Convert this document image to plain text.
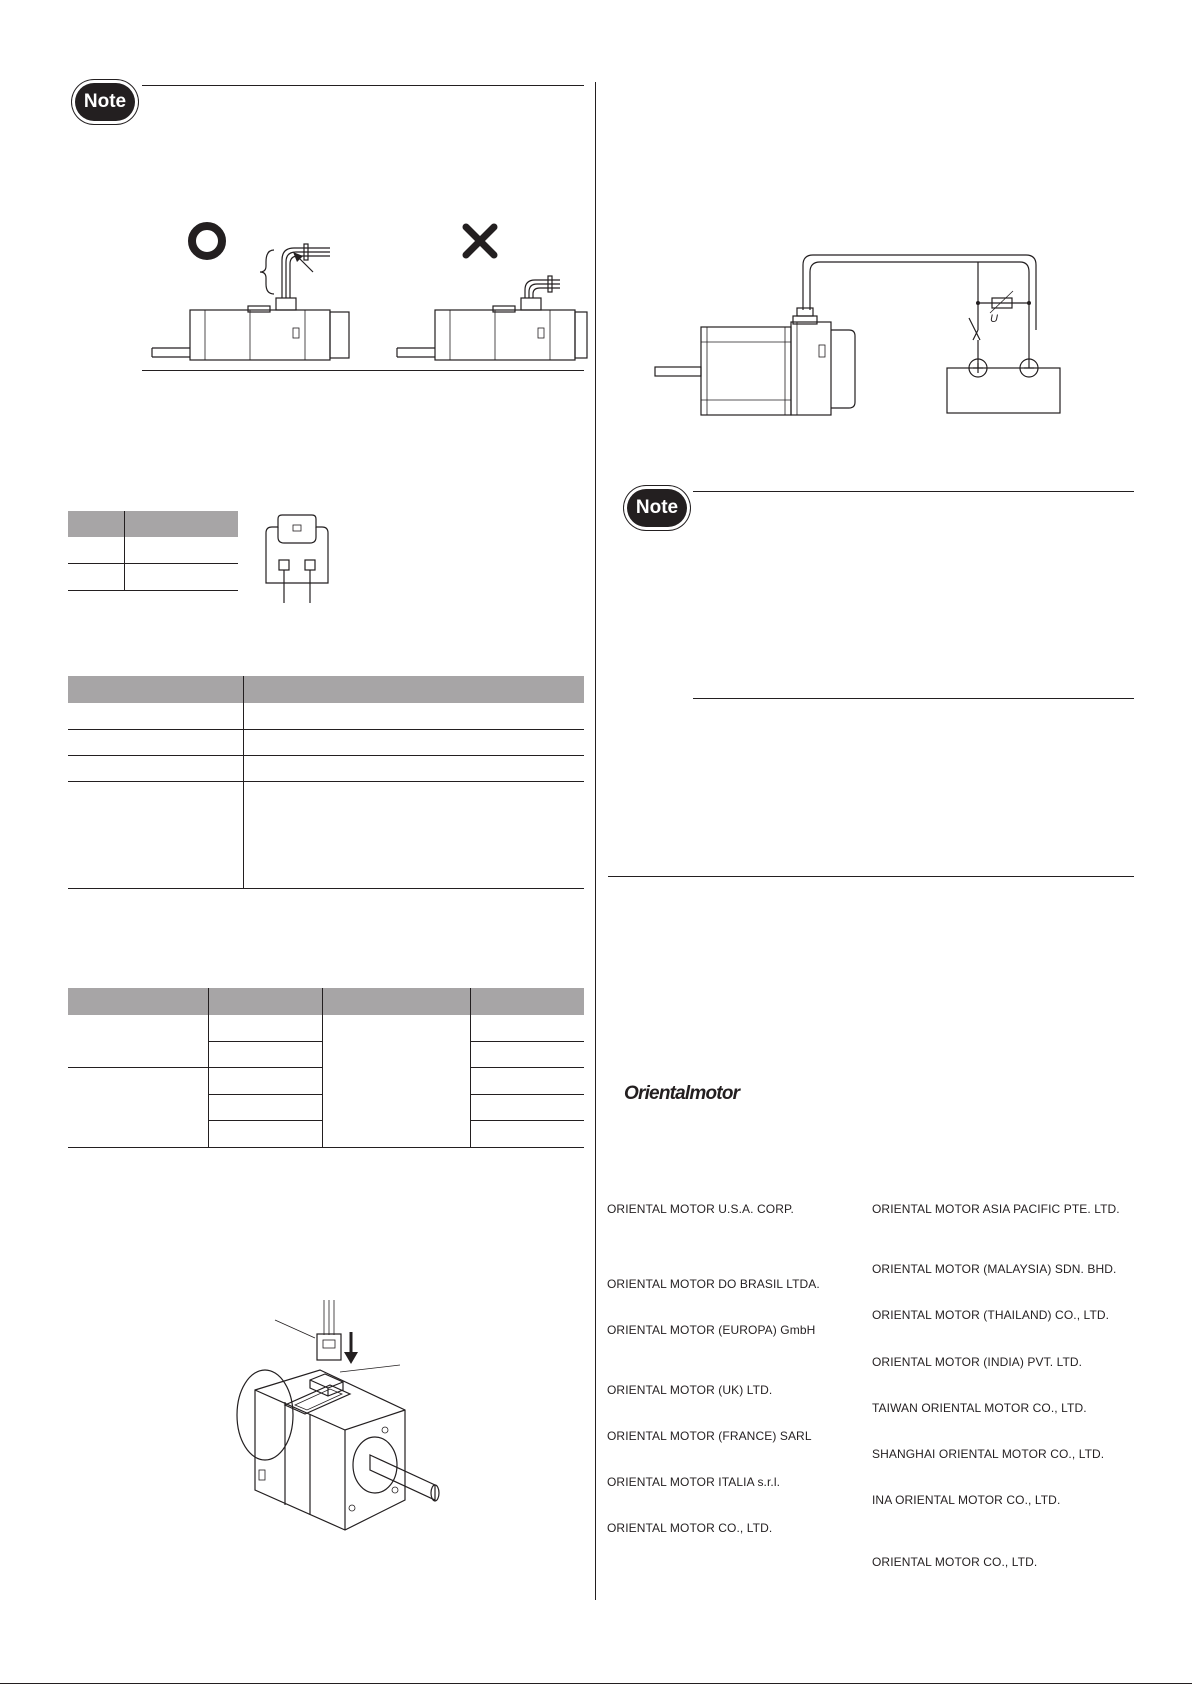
Note
U
Note
Orientalmotor
ORIENTAL MOTOR U.S.A. CORP.
ORIENTAL MOTOR DO BRASIL LTDA.
ORIENTAL MOTOR (EUROPA) GmbH
ORIENTAL MOTOR (UK) LTD.
ORIENTAL MOTOR (FRANCE) SARL
ORIENTAL MOTOR ITALIA s.r.l.
ORIENTAL MOTOR CO., LTD.
ORIENTAL MOTOR ASIA PACIFIC PTE. LTD.
ORIENTAL MOTOR (MALAYSIA) SDN. BHD.
ORIENTAL MOTOR (THAILAND) CO., LTD.
ORIENTAL MOTOR (INDIA) PVT. LTD.
TAIWAN ORIENTAL MOTOR CO., LTD.
SHANGHAI ORIENTAL MOTOR CO., LTD.
INA ORIENTAL MOTOR CO., LTD.
ORIENTAL MOTOR CO., LTD.
